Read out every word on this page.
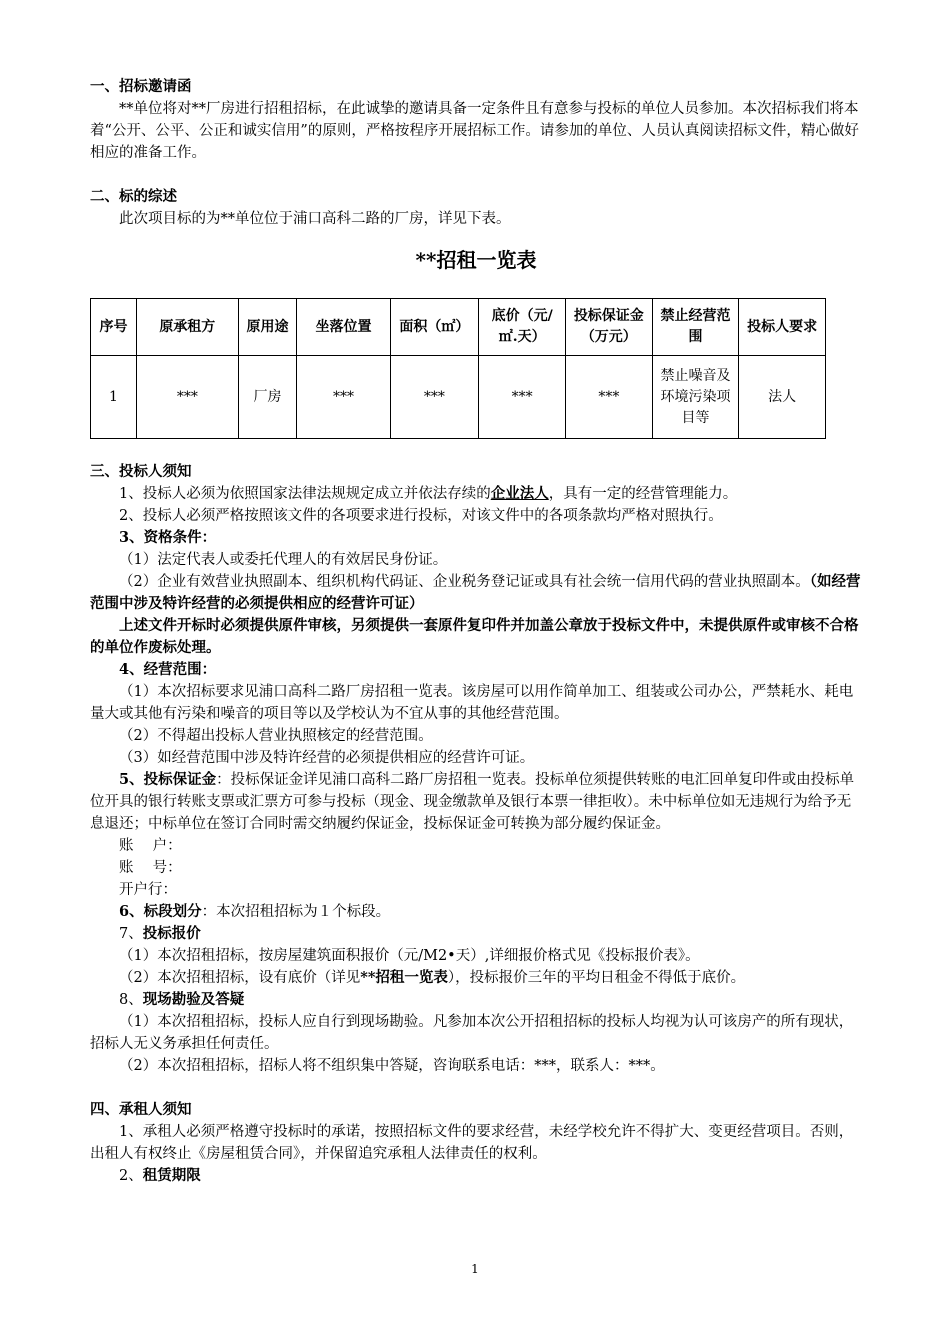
一、招标邀请函

**单位将对**厂房进行招租招标，在此诚挚的邀请具备一定条件且有意参与投标的单位人员参加。本次招标我们将本着“公开、公平、公正和诚实信用”的原则，严格按程序开展招标工作。请参加的单位、人员认真阅读招标文件，精心做好相应的准备工作。

二、标的综述

此次项目标的为**单位位于浦口高科二路的厂房，详见下表。

**招租一览表
序号	原承租方	原用途	坐落位置	面积（㎡）	底价（元/㎡.天）	投标保证金（万元）	禁止经营范围	投标人要求
1	***	厂房	***	***	***	***	禁止噪音及环境污染项目等	法人

三、投标人须知

1、投标人必须为依照国家法律法规规定成立并依法存续的企业法人，具有一定的经营管理能力。

2、投标人必须严格按照该文件的各项要求进行投标，对该文件中的各项条款均严格对照执行。

3、资格条件：

（1）法定代表人或委托代理人的有效居民身份证。

（2）企业有效营业执照副本、组织机构代码证、企业税务登记证或具有社会统一信用代码的营业执照副本。（如经营范围中涉及特许经营的必须提供相应的经营许可证）

上述文件开标时必须提供原件审核，另须提供一套原件复印件并加盖公章放于投标文件中，未提供原件或审核不合格的单位作废标处理。

4、经营范围：

（1）本次招标要求见浦口高科二路厂房招租一览表。该房屋可以用作简单加工、组装或公司办公，严禁耗水、耗电量大或其他有污染和噪音的项目等以及学校认为不宜从事的其他经营范围。

（2）不得超出投标人营业执照核定的经营范围。

（3）如经营范围中涉及特许经营的必须提供相应的经营许可证。

5、投标保证金：投标保证金详见浦口高科二路厂房招租一览表。投标单位须提供转账的电汇回单复印件或由投标单位开具的银行转账支票或汇票方可参与投标（现金、现金缴款单及银行本票一律拒收）。未中标单位如无违规行为给予无息退还；中标单位在签订合同时需交纳履约保证金，投标保证金可转换为部分履约保证金。

账　 户：

账　 号：

开户行：

6、标段划分：本次招租招标为１个标段。

7、投标报价

（1）本次招租招标，按房屋建筑面积报价（元/M2•天）,详细报价格式见《投标报价表》。

（2）本次招租招标，设有底价（详见**招租一览表），投标报价三年的平均日租金不得低于底价。

8、现场勘验及答疑

（1）本次招租招标，投标人应自行到现场勘验。凡参加本次公开招租招标的投标人均视为认可该房产的所有现状，招标人无义务承担任何责任。

（2）本次招租招标，招标人将不组织集中答疑，咨询联系电话：***，联系人：***。

四、承租人须知

1、承租人必须严格遵守投标时的承诺，按照招标文件的要求经营，未经学校允许不得扩大、变更经营项目。否则，出租人有权终止《房屋租赁合同》，并保留追究承租人法律责任的权利。

2、租赁期限

1
